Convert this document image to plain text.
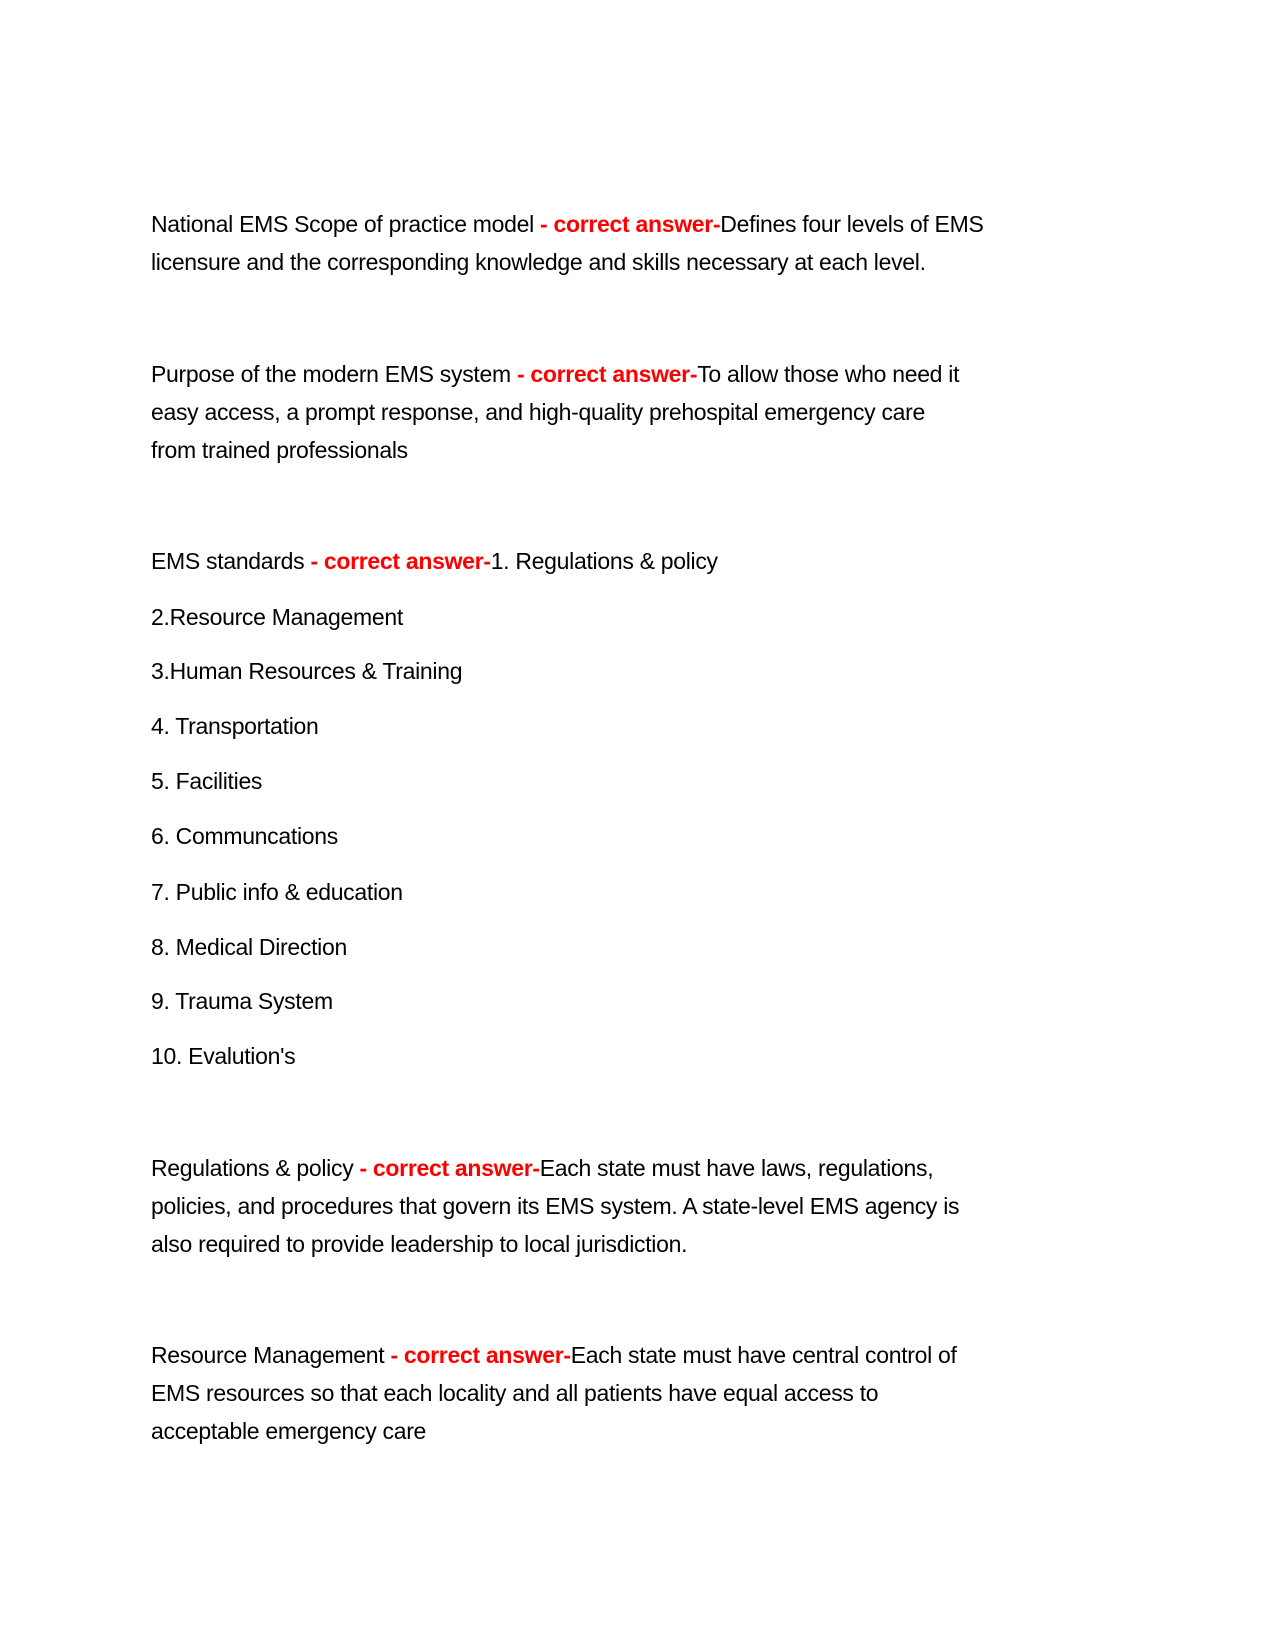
National EMS Scope of practice model - correct answer-Defines four levels of EMS
licensure and the corresponding knowledge and skills necessary at each level.
Purpose of the modern EMS system - correct answer-To allow those who need it
easy access, a prompt response, and high-quality prehospital emergency care
from trained professionals
EMS standards - correct answer-1. Regulations & policy
2.Resource Management
3.Human Resources & Training
4. Transportation
5. Facilities
6. Communcations
7. Public info & education
8. Medical Direction
9. Trauma System
10. Evalution's
Regulations & policy - correct answer-Each state must have laws, regulations,
policies, and procedures that govern its EMS system. A state-level EMS agency is
also required to provide leadership to local jurisdiction.
Resource Management - correct answer-Each state must have central control of
EMS resources so that each locality and all patients have equal access to
acceptable emergency care
